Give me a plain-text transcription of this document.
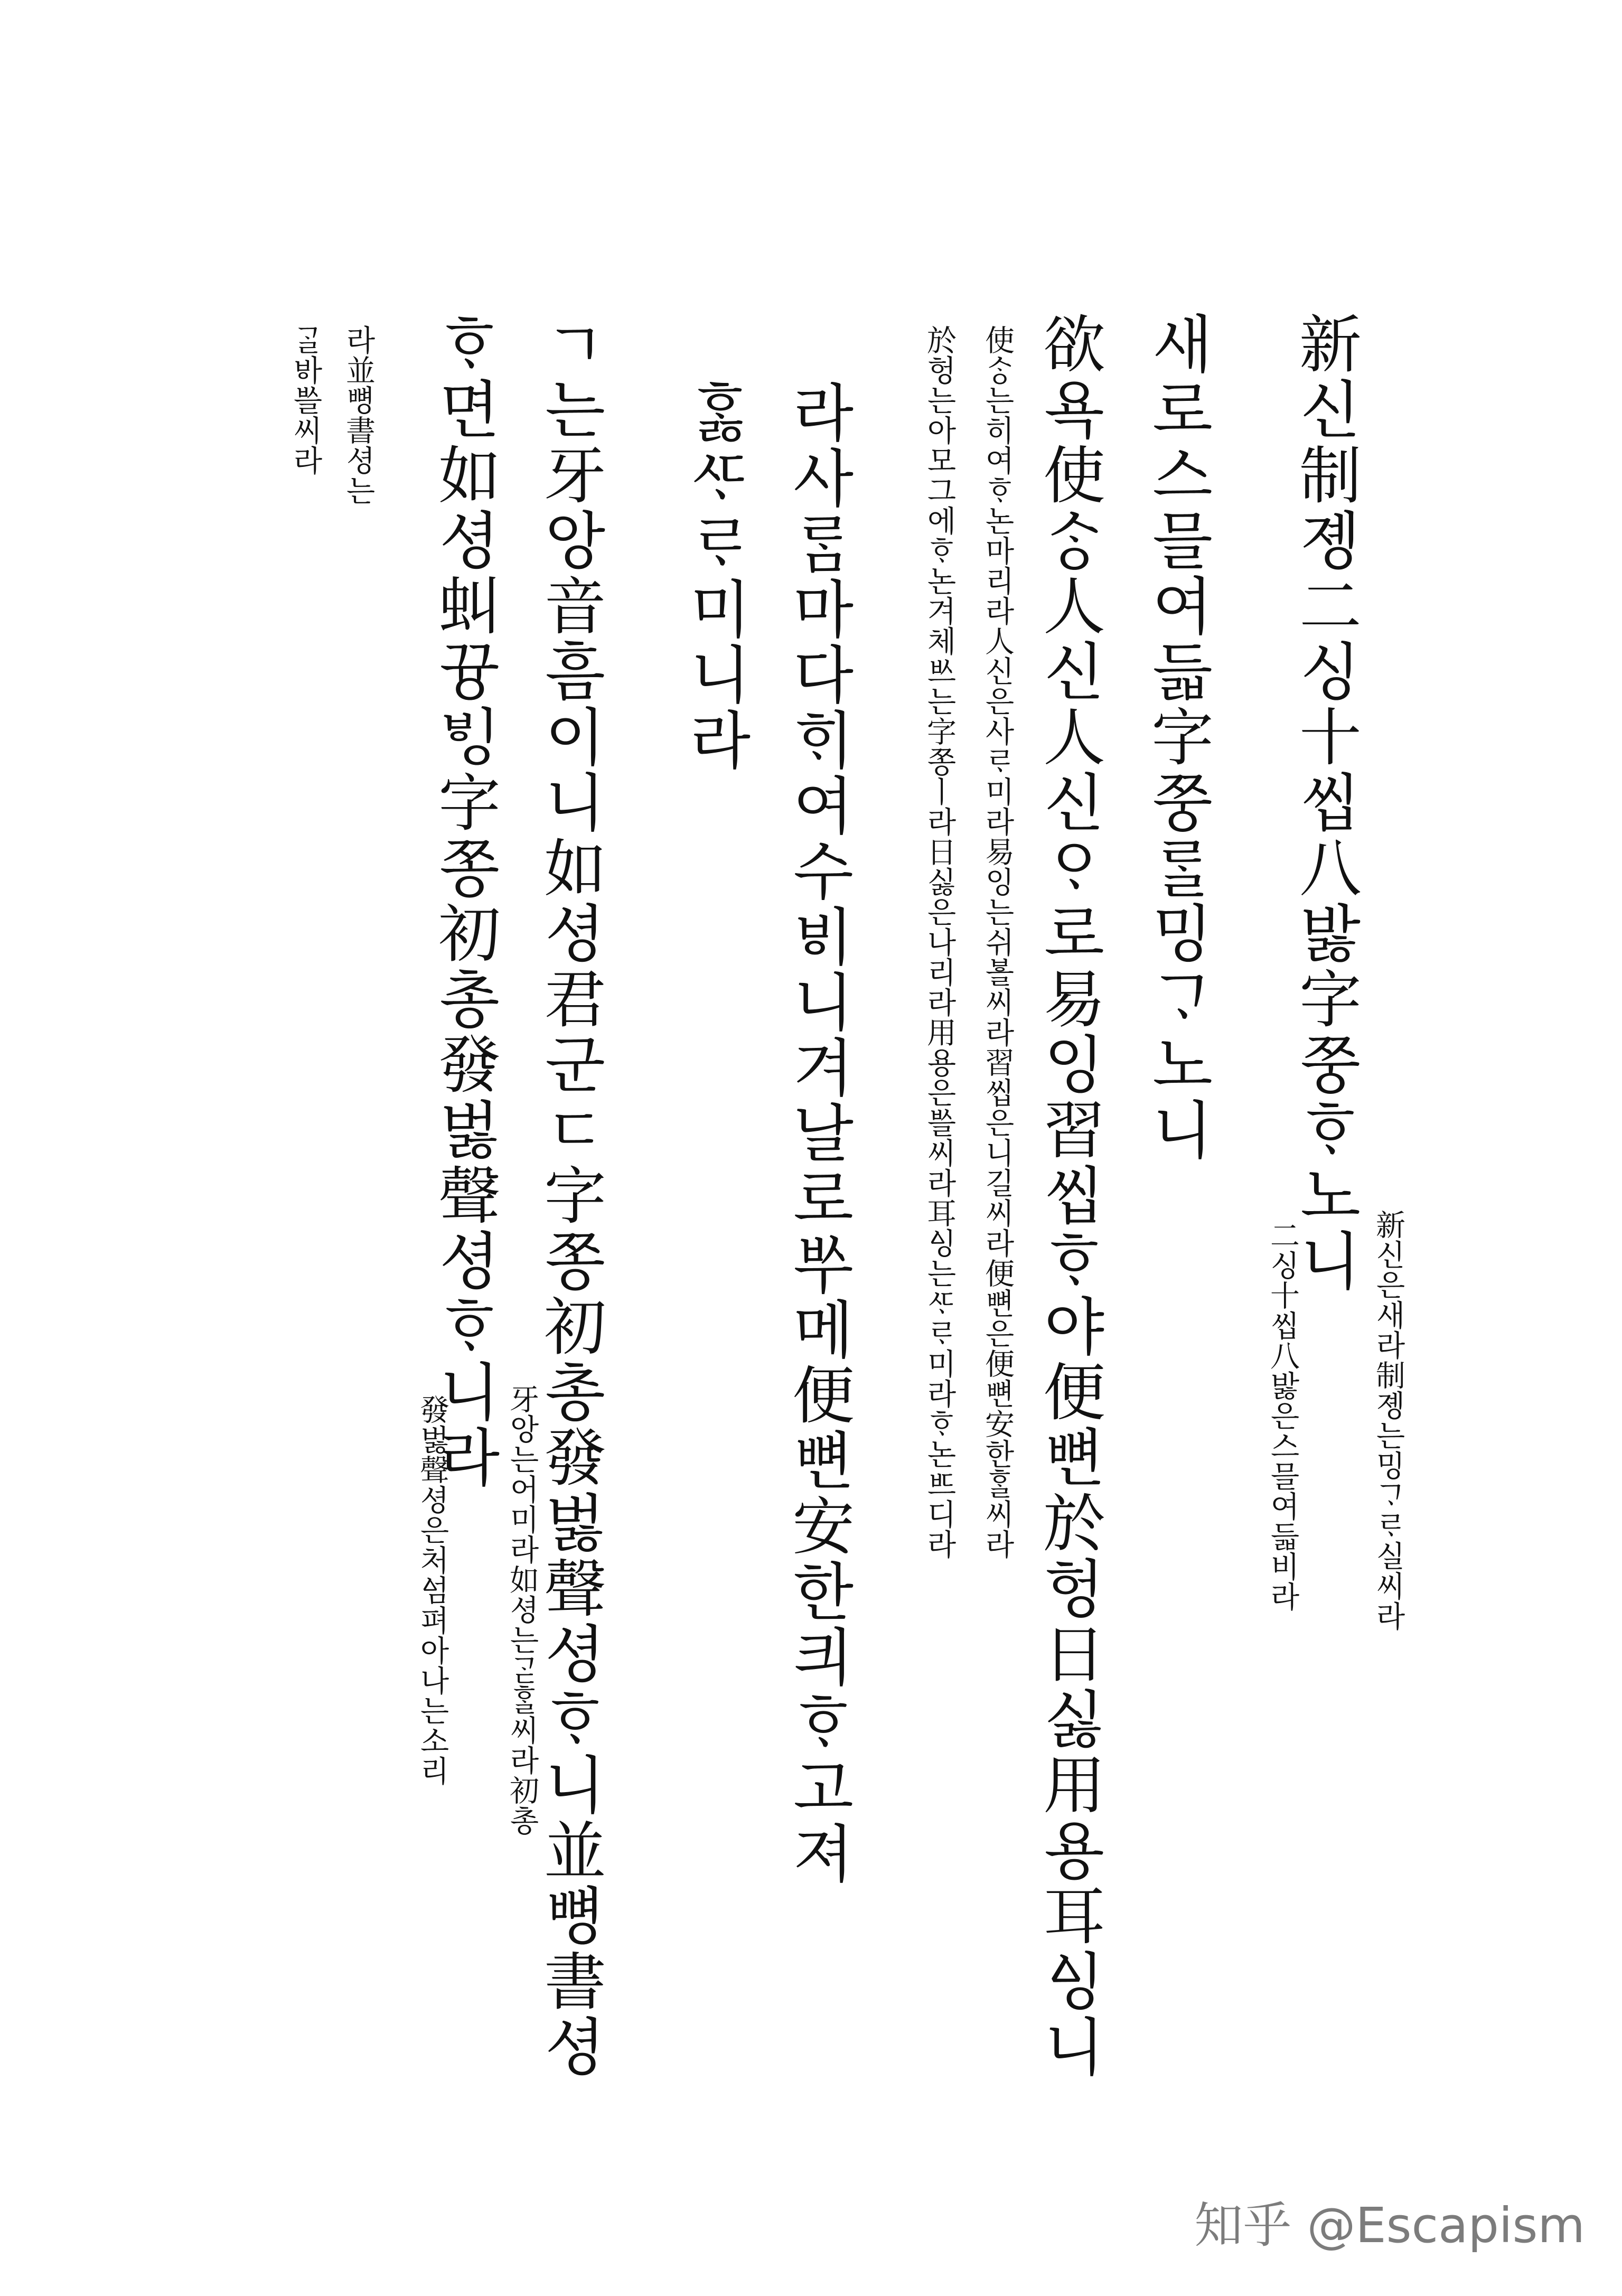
新신制졩二싱十씹八밣字쭝ᄒᆞ노니
新신은새라制졩는밍ᄀᆞᄅᆞ실씨라
二싱十씹八밣은스믈여듧비라
새로스믈여듧字쭝ᄅᆞᆯ밍ᄀᆞ노니
欲욕使ᄉᆞᆼ人신人신ᄋᆞ로易잉習씹ᄒᆞ야便뼌於헝日싫用용耳ᅀᅵᆼ니
使ᄉᆞᆼ는히여ᄒᆞ논마리라人신은사ᄅᆞ미라易잉는쉬ᄫᅳᆯ씨라習씹은니길씨라便뼌은便뼌安한ᄒᆞᆯ씨라
於헝는아모그에ᄒᆞ논겨체ᄡᅳ는字쫑ㅣ라日싫은나리라用용은ᄡᅳᆯ씨라耳ᅀᅵᆼ는ᄯᆞᄅᆞ미라ᄒᆞ논ᄠᅳ디라
라사ᄅᆞᆷ마다ᄒᆡ여수ᄫᅵ니겨날로ᄡᅮ메便뼌安한킈ᄒᆞ고져
ᄒᆞᇙᄯᆞᄅᆞ미니라
ㄱ는牙앙音흠이니如셩君군ㄷ字쫑初총發벓聲셩ᄒᆞ니並뼝書셩
ᄒᆞ면如셩虯뀽ᄫᅵᆼ字쫑初총發벓聲셩ᄒᆞ니라
牙앙는어미라如셩는ᄀᆞᆮᄒᆞᆯ씨라初총
發벓聲셩은처ᅀᅥᆷ펴아나는소리
라並뼝書셩는
ᄀᆞᆯᄫᅡᄡᅳᆯ씨라
知乎 @Escapism
